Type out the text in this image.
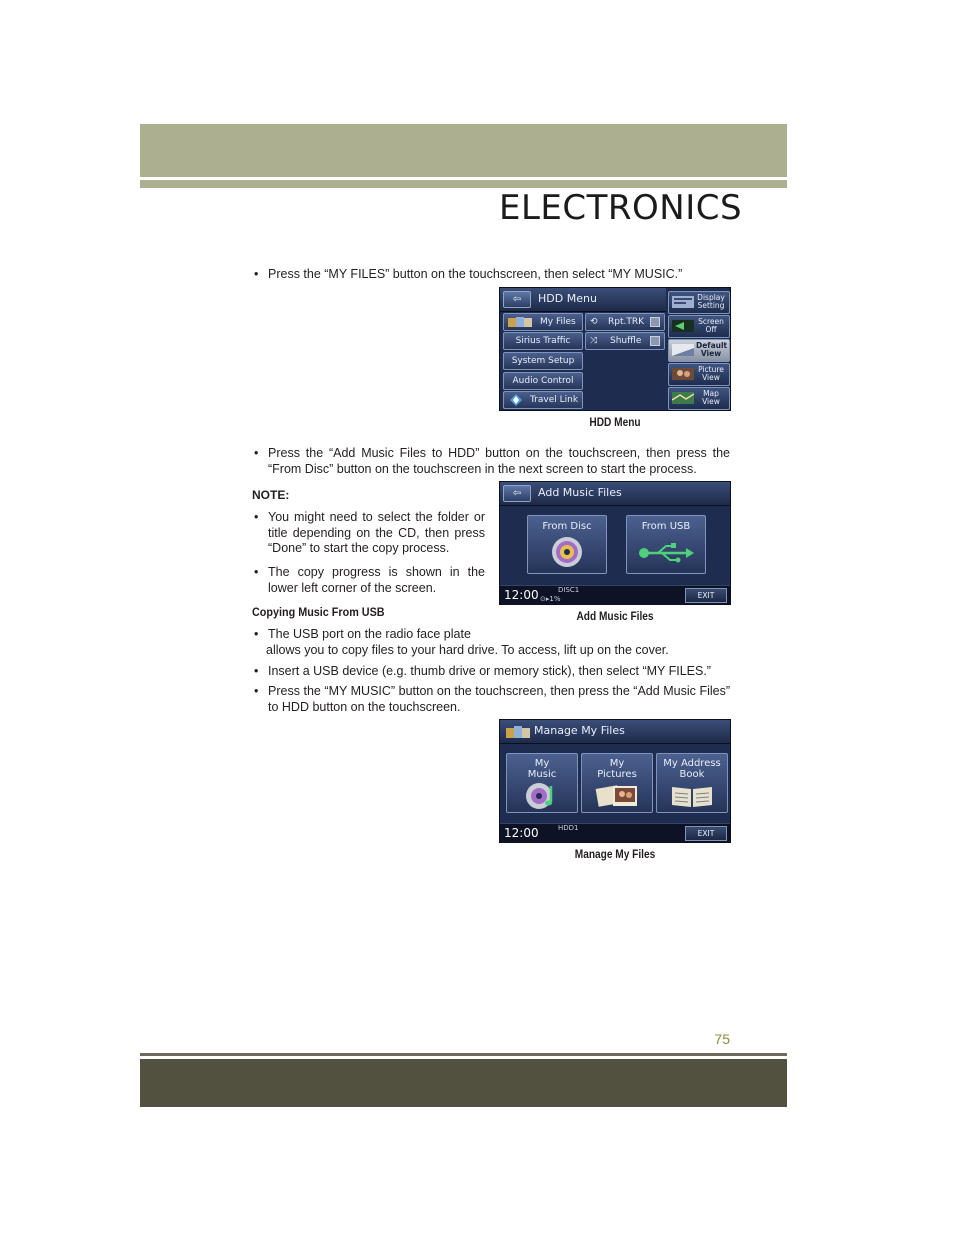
ELECTRONICS
• Press the “MY FILES” button on the touchscreen, then select “MY MUSIC.”
⇦	HDD Menu
My Files
Sirius Traffic
System Setup
Audio Control
Travel Link
⟲ Rpt.TRK
⤨ Shuffle
Display
Setting
Screen
Off
Default
View
Picture
View
Map
View
HDD Menu
• Press the “Add Music Files to HDD” button on the touchscreen, then press the “From Disc” button on the touchscreen in the next screen to start the process.
NOTE:
• You might need to select the folder or title depending on the CD, then press “Done” to start the copy process.
• The copy progress is shown in the lower left corner of the screen.
⇦	Add Music Files
From Disc	From USB
12:00	DISC1
⊙▸1%	EXIT
Add Music Files
Copying Music From USB
• The USB port on the radio face plate
allows you to copy files to your hard drive. To access, lift up on the cover.
• Insert a USB device (e.g. thumb drive or memory stick), then select “MY FILES.”
• Press the “MY MUSIC” button on the touchscreen, then press the “Add Music Files” to HDD button on the touchscreen.
Manage My Files
My
Music
My
Pictures
My Address
Book
12:00	HDD1
EXIT
Manage My Files
75
